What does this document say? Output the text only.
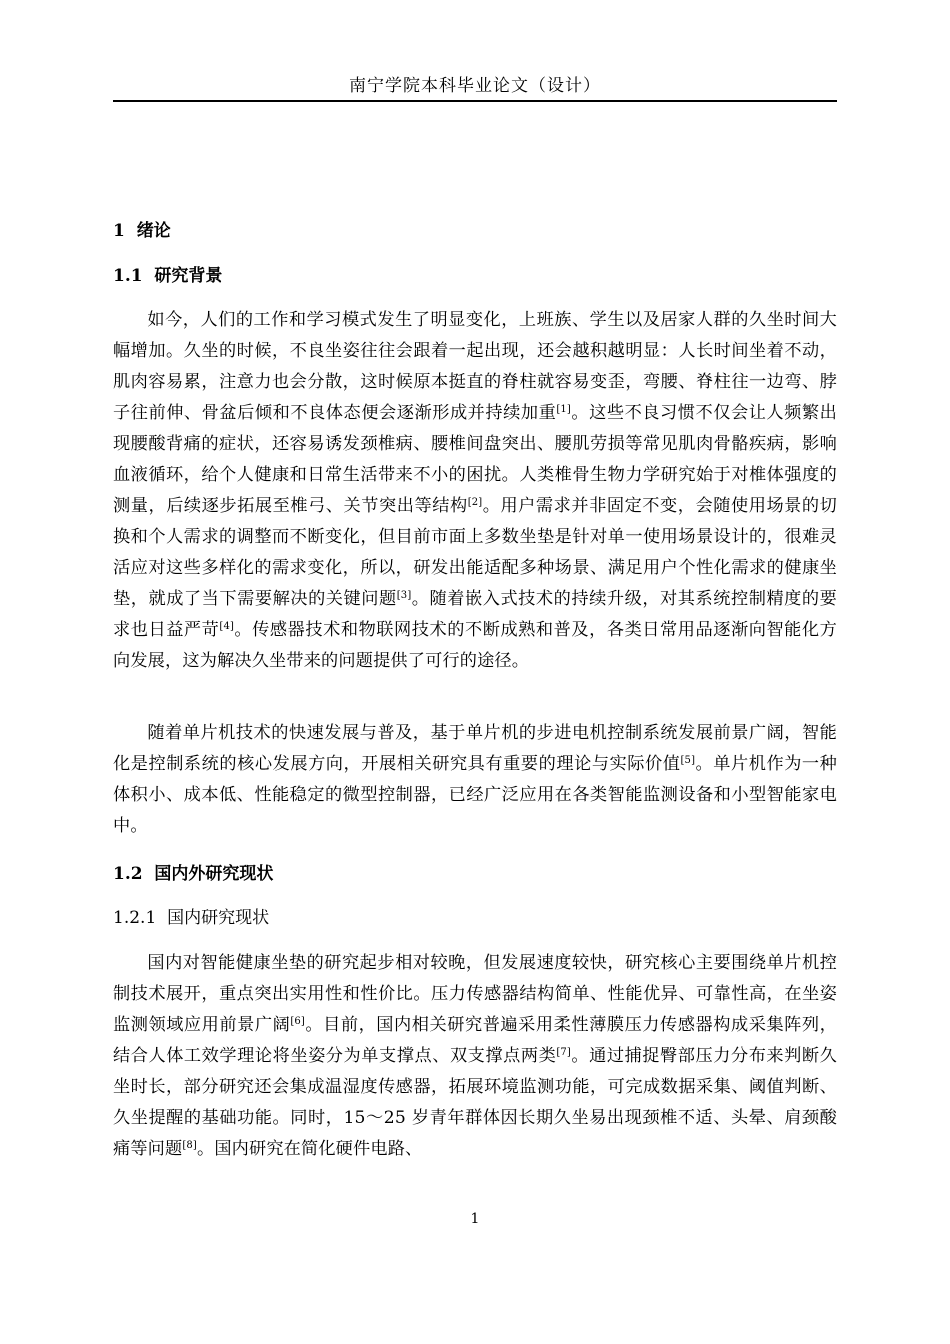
南宁学院本科毕业论文（设计）
1 绪论
1.1 研究背景
如今，人们的工作和学习模式发生了明显变化，上班族、学生以及居家人群的久坐时间大幅增加。久坐的时候，不良坐姿往往会跟着一起出现，还会越积越明显：人长时间坐着不动，肌肉容易累，注意力也会分散，这时候原本挺直的脊柱就容易变歪，弯腰、脊柱往一边弯、脖子往前伸、骨盆后倾和不良体态便会逐渐形成并持续加重[1]。这些不良习惯不仅会让人频繁出现腰酸背痛的症状，还容易诱发颈椎病、腰椎间盘突出、腰肌劳损等常见肌肉骨骼疾病，影响血液循环，给个人健康和日常生活带来不小的困扰。人类椎骨生物力学研究始于对椎体强度的测量，后续逐步拓展至椎弓、关节突出等结构[2]。用户需求并非固定不变，会随使用场景的切换和个人需求的调整而不断变化，但目前市面上多数坐垫是针对单一使用场景设计的，很难灵活应对这些多样化的需求变化，所以，研发出能适配多种场景、满足用户个性化需求的健康坐垫，就成了当下需要解决的关键问题[3]。随着嵌入式技术的持续升级，对其系统控制精度的要求也日益严苛[4]。传感器技术和物联网技术的不断成熟和普及，各类日常用品逐渐向智能化方向发展，这为解决久坐带来的问题提供了可行的途径。
随着单片机技术的快速发展与普及，基于单片机的步进电机控制系统发展前景广阔，智能化是控制系统的核心发展方向，开展相关研究具有重要的理论与实际价值[5]。单片机作为一种体积小、成本低、性能稳定的微型控制器，已经广泛应用在各类智能监测设备和小型智能家电中。
1.2 国内外研究现状
1.2.1 国内研究现状
国内对智能健康坐垫的研究起步相对较晚，但发展速度较快，研究核心主要围绕单片机控制技术展开，重点突出实用性和性价比。压力传感器结构简单、性能优异、可靠性高，在坐姿监测领域应用前景广阔[6]。目前，国内相关研究普遍采用柔性薄膜压力传感器构成采集阵列，结合人体工效学理论将坐姿分为单支撑点、双支撑点两类[7]。通过捕捉臀部压力分布来判断久坐时长，部分研究还会集成温湿度传感器，拓展环境监测功能，可完成数据采集、阈值判断、久坐提醒的基础功能。同时，15～25 岁青年群体因长期久坐易出现颈椎不适、头晕、肩颈酸痛等问题[8]。国内研究在简化硬件电路、
1
